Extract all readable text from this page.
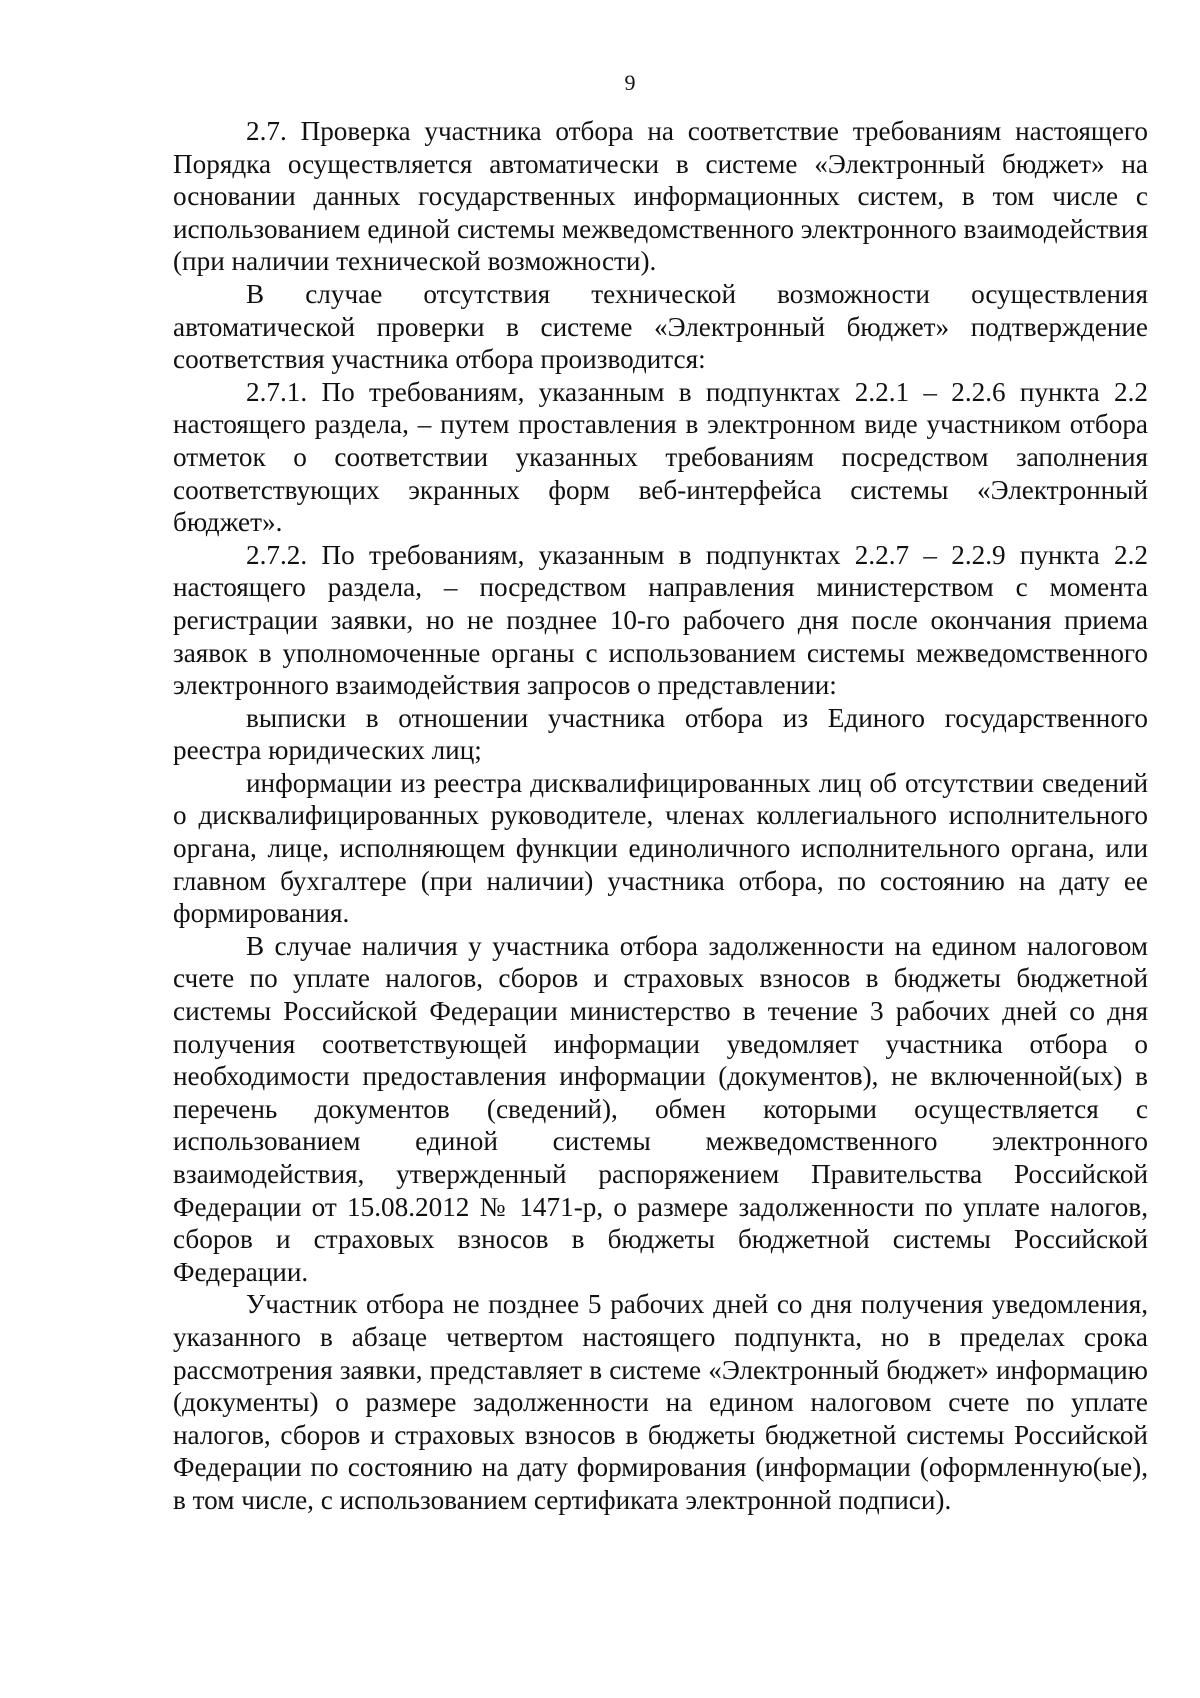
9

2.7. Проверка участника отбора на соответствие требованиям настоящего Порядка осуществляется автоматически в системе «Электронный бюджет» на основании данных государственных информационных систем, в том числе с использованием единой системы межведомственного электронного взаимодействия (при наличии технической возможности).

В случае отсутствия технической возможности осуществления автоматической проверки в системе «Электронный бюджет» подтверждение соответствия участника отбора производится:

2.7.1. По требованиям, указанным в подпунктах 2.2.1 – 2.2.6 пункта 2.2 настоящего раздела, – путем проставления в электронном виде участником отбора отметок о соответствии указанных требованиям посредством заполнения соответствующих экранных форм веб-интерфейса системы «Электронный бюджет».

2.7.2. По требованиям, указанным в подпунктах 2.2.7 – 2.2.9 пункта 2.2 настоящего раздела, – посредством направления министерством с момента регистрации заявки, но не позднее 10-го рабочего дня после окончания приема заявок в уполномоченные органы с использованием системы межведомственного электронного взаимодействия запросов о представлении:

выписки в отношении участника отбора из Единого государственного реестра юридических лиц;

информации из реестра дисквалифицированных лиц об отсутствии сведений о дисквалифицированных руководителе, членах коллегиального исполнительного органа, лице, исполняющем функции единоличного исполнительного органа, или главном бухгалтере (при наличии) участника отбора, по состоянию на дату ее формирования.

В случае наличия у участника отбора задолженности на едином налоговом счете по уплате налогов, сборов и страховых взносов в бюджеты бюджетной системы Российской Федерации министерство в течение 3 рабочих дней со дня получения соответствующей информации уведомляет участника отбора о необходимости предоставления информации (документов), не включенной(ых) в перечень документов (сведений), обмен которыми осуществляется с использованием единой системы межведомственного электронного взаимодействия, утвержденный распоряжением Правительства Российской Федерации от 15.08.2012 № 1471-р, о размере задолженности по уплате налогов, сборов и страховых взносов в бюджеты бюджетной системы Российской Федерации.

Участник отбора не позднее 5 рабочих дней со дня получения уведомления, указанного в абзаце четвертом настоящего подпункта, но в пределах срока рассмотрения заявки, представляет в системе «Электронный бюджет» информацию (документы) о размере задолженности на едином налоговом счете по уплате налогов, сборов и страховых взносов в бюджеты бюджетной системы Российской Федерации по состоянию на дату формирования (информации (оформленную(ые), в том числе, с использованием сертификата электронной подписи).
